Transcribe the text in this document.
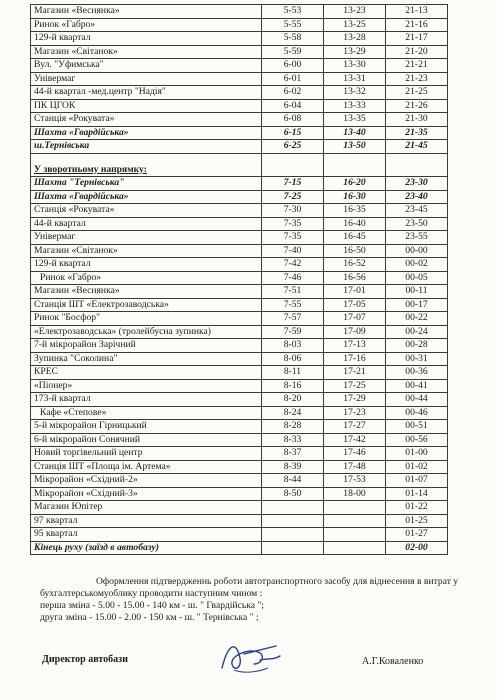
Магазин «Веснянка»	5-53	13-23	21-13
Ринок «Габро»	5-55	13-25	21-16
129-й квартал	5-58	13-28	21-17
Магазин «Світанок»	5-59	13-29	21-20
Вул. "Уфимська"	6-00	13-30	21-21
Універмаг	6-01	13-31	21-23
44-й квартал -мед.центр "Надія"	6-02	13-32	21-25
ПК ЦГОК	6-04	13-33	21-26
Станція «Рокувата»	6-08	13-35	21-30
Шахта «Гвардійська»	6-15	13-40	21-35
ш.Тернівська	6-25	13-50	21-45

У зворотньому напрямку:			
Шахта "Тернівська"	7-15	16-20	23-30
Шахта «Гвардійська»	7-25	16-30	23-40
Станція «Рокувата»	7-30	16-35	23-45
44-й квартал	7-35	16-40	23-50
Універмаг	7-35	16-45	23-55
Магазин «Світанок»	7-40	16-50	00-00
129-й квартал	7-42	16-52	00-02
Ринок «Габро»	7-46	16-56	00-05
Магазин «Веснянка»	7-51	17-01	00-11
Станція ШТ «Електрозаводська»	7-55	17-05	00-17
Ринок "Босфор"	7-57	17-07	00-22
«Електрозаводська» (тролейбусна зупинка)	7-59	17-09	00-24
7-й мікрорайон Зарічний	8-03	17-13	00-28
Зупинка "Соколина"	8-06	17-16	00-31
КРЕС	8-11	17-21	00-36
«Піонер»	8-16	17-25	00-41
173-й квартал	8-20	17-29	00-44
Кафе «Степове»	8-24	17-23	00-46
5-й мікрорайон Гірницький	8-28	17-27	00-51
6-й мікрорайон Сонячний	8-33	17-42	00-56
Новий торгівельний центр	8-37	17-46	01-00
Станція ШТ «Площа ім. Артема»	8-39	17-48	01-02
Мікрорайон «Східний-2»	8-44	17-53	01-07
Мікрорайон «Східний-3»	8-50	18-00	01-14
Магазин Юпітер			01-22
97 квартал			01-25
95 квартал			01-27
Кінець руху (заїзд в автобазу)			02-00

Оформлення підтвердженнь роботи автотранспортного засобу для віднесення в витрат у

бухгалтерськомуоблику проводити наступним чином :

перша зміна - 5.00 - 15.00 - 140 км - ш. " Гвардійська ";

друга зміна - 15.00 - 2.00 - 150 км - ш. " Тернівська " ;

Директор автобази	А.Г.Коваленко
